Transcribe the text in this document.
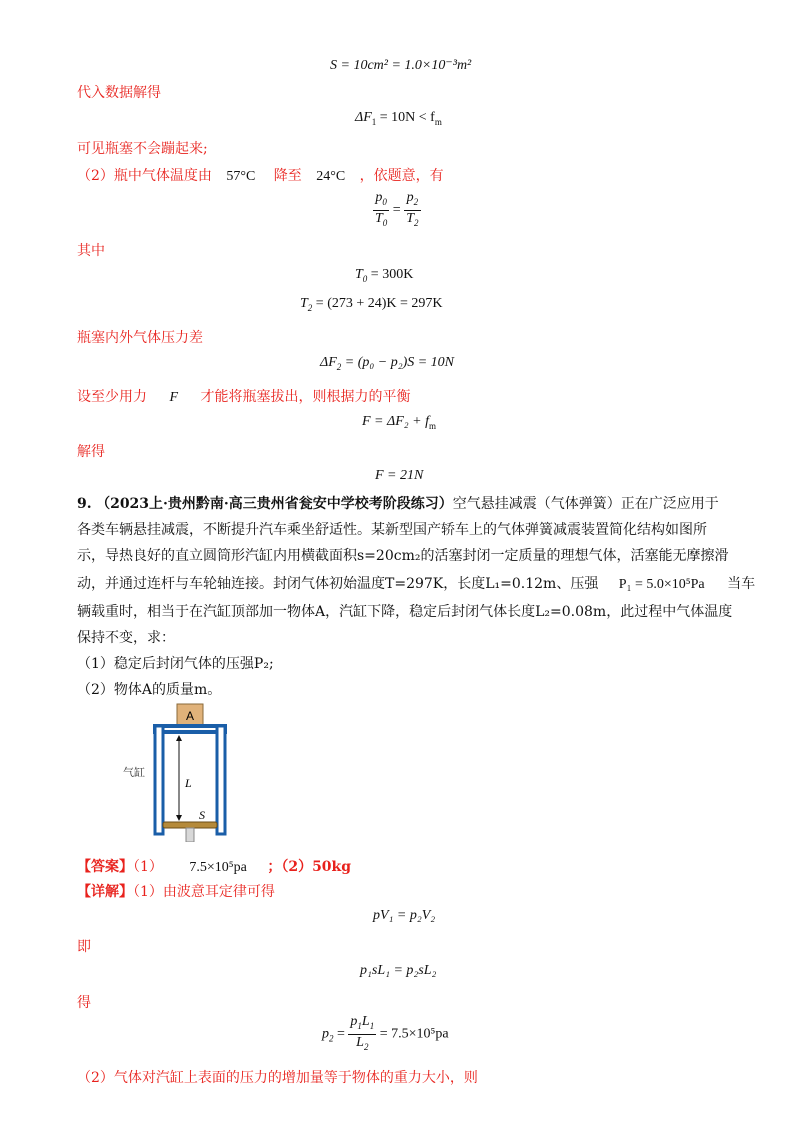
S = 10cm² = 1.0×10⁻³m²
代入数据解得
$\Delta F_1 = 10N < f_m$
可见瓶塞不会蹦起来;
（2）瓶中气体温度由 57°C 降至 24°C ，依题意，有
$\frac{p_0}{T_0} = \frac{p_2}{T_2}$
其中
$T_0 = 300K$
$T_2 = (273 + 24)K = 297K$
瓶塞内外气体压力差
$\Delta F_2 = (p_0 - p_2)S = 10N$
设至少用力 F 才能将瓶塞拔出，则根据力的平衡
$F = \Delta F_2 + f_m$
解得
F = 21N
9. （2023上·贵州黔南·高三贵州省瓮安中学校考阶段练习）空气悬挂减震（气体弹簧）正在广泛应用于
各类车辆悬挂减震，不断提升汽车乘坐舒适性。某新型国产轿车上的气体弹簧减震装置简化结构如图所
示，导热良好的直立圆筒形汽缸内用横截面积s=20cm₂的活塞封闭一定质量的理想气体，活塞能无摩擦滑
动，并通过连杆与车轮轴连接。封闭气体初始温度T=297K，长度L₁=0.12m、压强 P₁ = 5.0×10⁵Pa 当车
辆载重时，相当于在汽缸顶部加一物体A，汽缸下降，稳定后封闭气体长度L₂=0.08m，此过程中气体温度
保持不变，求：
（1）稳定后封闭气体的压强P₂;
（2）物体A的质量m。
A
L
S
气缸
【答案】（1） 7.5×10⁵pa ；（2）50kg
【详解】（1）由波意耳定律可得
pV₁ = p₂V₂
即
p₁sL₁ = p₂sL₂
得
$p_2 = \frac{p_1L_1}{L_2} = 7.5\times 10^5pa$
（2）气体对汽缸上表面的压力的增加量等于物体的重力大小，则
